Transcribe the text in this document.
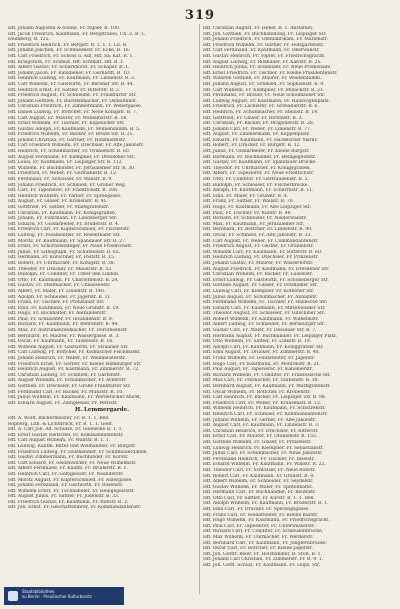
319
Hff. Johann Augustin & Söhne, Fr. Papier, B. 100.
Hff. Jacob Friedrich, Kaufmann, Fr. Bergstrasse, Ch. Z. B. 1.
Heimberg, B. 125.
Hff. Friedrich Heinrich, Fr. Bergstr. B. 1. 1. 1. Ld. B.
Hff. Johann Joachim, Fr. Schmiedestr. Fr. Ecke, B. 16.
Hff. Carl Friedrich, Fr. Schoss u. Adl. Hff. Sa. Kat. B. 1.
Hff. Kriegsrath, Fr. Schmid. Hff. Schmidt. Hff. B. 1.
Hff. Albert Gustav, Fr. Scharnhorst, Fr. Schaper. B. 1.
Hff. Johann Jacob, Fr. Ratsdiener, Fr. Gerhardt, B. 10.
Hff. Heinrich Ludwig, Fr. Kaufmann, Fr. Lindenstr. B. 3.
Hff. Carl Wilhelm, Fr. Gastwirth, Fr. Berliner Str. B. 44.
Hff. Heinrich Ernst, Fr. Sattler, Fr. Ritterstr. B. 2.
Hff. Friedrich August, Fr. Schneider, Fr. Frankfurter Str.
Hff. Johann Gottlieb, Fr. Bürstenmacher, Fr. Ostbahnhof.
Hff. Christian Friedrich, Fr. Zimmermann, Fr. Webergasse.
Hff. Daniel Ludwig, Fr. Böttcher, Fr. Neue Königstr. B. 7.
Hff. Carl August, Fr. Maurer, Fr. Waldemarstr. B. 18.
Hff. Ernst Wilhelm, Fr. Tischler, Fr. Köpenicker Str.
Hff. Gustav Adolph, Fr. Kaufmann, Fr. Mühlendamm. B. 5.
Hff. Friedrich Wilhelm, Fr. Bäcker, Fr. Breite Str. B. 21.
Hff. Johann Christian, Fr. Gärtner, Fr. Holzmarktstr.
Hff. Carl Friedrich Wilhelm, Fr. Drechsler, Fr. Alte Jakobstr.
Hff. Heinrich, Fr. Schuhmacher, Fr. Oranienstr. B. 60.
Hff. August Ferdinand, Fr. Klempner, Fr. Dresdener Str.
Hff. Louis, Fr. Kaufmann, Fr. Leipziger Str. B. 112.
Hff. Wilhelm, Fr. Buchbinder, Fr. Jerusalemer Str. B. 30.
Hff. Friedrich, Fr. Weber, Fr. Gormannstr. B. 12.
Hff. Ferdinand, Fr. Schlosser, Fr. Wallstr. B. 9.
Hff. Johann Friedrich, Fr. Schmied, Fr. Grüner Weg.
Hff. Carl, Fr. Tapezierer, Fr. Friedrichstr. B. 206.
Hff. Heinrich Wilhelm, Fr. Färber, Fr. Spreegasse.
Hff. August, Fr. Glaser, Fr. Kronenstr. B. 41.
Hff. Gottfried, Fr. Sattler, Fr. Markgrafenstr.
Hff. Christian, Fr. Kaufmann, Fr. Königsgraben.
Hff. Johann, Fr. Fuhrmann, Fr. Landsberger Str.
Hff. Eduard, Fr. Goldarbeiter, Fr. Brüderstr. B. 4.
Hff. Friedrich Carl, Fr. Kupferschmied, Fr. Fischerstr.
Hff. Ludwig, Fr. Posamentier, Fr. Rosenthaler Str.
Hff. Moritz, Fr. Kaufmann, Fr. Spandauer Str. B. 27.
Hff. Ernst, Fr. Schornsteinfeger, Fr. Neue Friedrichstr.
Hff. Julius, Fr. Lithograph, Fr. Schützenstr. B. 65.
Hff. Hermann, Fr. Kürschner, Fr. Poststr. B. 15.
Hff. Robert, Fr. Uhrmacher, Fr. Königstr. B. 38.
Hff. Theodor, Fr. Drucker, Fr. Mauerstr. B. 53.
Hff. Rudolph, Fr. Conditor, Fr. Unter den Linden.
Hff. Otto, Fr. Kaufmann, Fr. Charlottenstr. B. 24.
Hff. Gustav, Fr. Stellmacher, Fr. Chausseestr.
Hff. Albert, Fr. Maler, Fr. Linienstr. B. 140.
Hff. Adolph, Fr. Schneider, Fr. Jägerstr. B. 11.
Hff. Franz, Fr. Tischler, Fr. Prenzlauer Str.
Hff. Emil, Fr. Kaufmann, Fr. Neue Grünstr. B. 19.
Hff. Hugo, Fr. Buchhalter, Fr. Alexanderstr.
Hff. Paul, Fr. Schlächter, Fr. Invalidenstr. B. 8.
Hff. Richard, Fr. Kaufmann, Fr. Behrenstr. B. 44.
Hff. Max, Fr. Instrumentenmacher, Fr. Dorotheenstr.
Hff. Bernhard, Fr. Maurer, Fr. Wassergasse. B. 3.
Hff. Oscar, Fr. Kaufmann, Fr. Taubenstr. B. 16.
Hff. Wilhelm August, Fr. Gastwirth, Fr. Stralauer Str.
Hff. Carl Ludwig, Fr. Böttcher, Fr. Köllnischer Fischmarkt.
Hff. Johann Heinrich, Fr. Weber, Fr. Weinmeisterstr.
Hff. Friedrich Ernst, Fr. Gerber, Fr. Kleine Hamburger Str.
Hff. Heinrich August, Fr. Kaufmann, Fr. Zimmerstr. B. 72.
Hff. Christian Ludwig, Fr. Schmied, Fr. Gartenstr.
Hff. August Wilhelm, Fr. Schuhmacher, Fr. Ackerstr.
Hff. Gottlieb, Fr. Drechsler, Fr. Große Frankfurter Str.
Hff. Ferdinand Carl, Fr. Bäcker, Fr. Münzstr. B. 10.
Hff. Julius Wilhelm, Fr. Kaufmann, Fr. Werderscher Markt.
Hff. Eduard August, Fr. Zinngiesser, Fr. Petristr.
H. Lemmergarde.
Hff. A. Wolff, Bäckermeister, Fr. B. 1. 1. Bell.
Ropberg, Lith. & Lichtdruck, Fr. B. 1. 1. Gedr.
Hff. A. Carl Joh. Ad. Schulze, Fr. Glienecke B. 1. 1.
Hff. Ernst Gustav Rietschel, Fr. Kommandantenstr.
Hff. Carl August Wilhelm, Fr. Wallstr. B. 1. 1.
Hff. Ludwig, Kaufm. Ritter und Wollhändler, Fr. Burgstr.
Hff. Friedrich Ludwig, Fr. Holzhändler, Fr. Schiffbauerdamm.
Hff. Gustav Zimmermann, Fr. Buchbinder, Fr. Kurstr.
Hff. Carl Eduard, Fr. Seidenwirker, Fr. Neue Wilhelmstr.
Hff. Albert Ferdinand, Fr. Kaufm. Fr. Brüderstr. B. 1.
Hff. Heinrich Carl, Fr. Gelbgiesser, Fr. Neanderstr.
Hff. Moritz August, Fr. Kupferschmied, Fr. Adlergasse.
Hff. Johann Ferdinand, Fr. Gastwirth, Fr. Rosenstr.
Hff. Wilhelm Ernst, Fr. Tuchhändler, Fr. Heiligegeiststr.
Hff. August Julius, Fr. Sattler, Fr. Jüdenstr. B. 33.
Hff. Friedrich Gustav, Fr. Kaufmann, Fr. Roßstr. B. 2.
Hff. Joh. Ernst, Fr. Geschäftsführer, Fr. Kommandantenstr.
Hff. Christian August, Fr. Hebel, B. 1. Anstalten.
Hff. Joh. Gottlieb, Fr. Buchhandlung, Fr. Leipziger Str.
Hff. Johann Friedrich, Fr. Ofenfabrikant, Fr. Marienstr.
Hff. Friedrich Wilhelm, Fr. Gürtler, Fr. Holzgartenstr.
Hff. Carl Ferdinand, Fr. Kaufmann, Fr. Oberwallstr.
Hff. Gustav Heinrich, Fr. Töpfer, Fr. Friedrichsgracht.
Hff. August Ludwig, Fr. Bildhauer, Fr. Karlstr. B. 25.
Hff. Heinrich Julius, Fr. Schneider, Fr. Neue Promenade.
Hff. Ernst Friedrich, Fr. Tischler, Fr. Kleine Präsidentenstr.
Hff. Wilhelm Gottlieb, Fr. Maurer, Fr. Weidendamm.
Hff. Johann August, Fr. Schmied, Fr. Sophienstr. B. 9.
Hff. Carl Wilhelm, Fr. Klempner, Fr. Mulackstr. B. 21.
Hff. Ferdinand, Fr. Brauer, Fr. Neue Schönhauser Str.
Hff. Ludwig August, Fr. Kaufmann, Fr. Hausvogteiplatz.
Hff. Friedrich, Fr. Lackierer, Fr. Grenadierstr. B. 6.
Hff. Heinrich, Fr. Schuhmacher, Fr. Steinstr. B. 14.
Hff. Gottfried, Fr. Glaser, Fr. Hirtenstr. B. 3.
Hff. Christian, Fr. Bäcker, Fr. Dragonerstr. B. 28.
Hff. Johann Carl, Fr. Weber, Fr. Linienstr. B. 77.
Hff. August, Fr. Zimmermann, Fr. Koppenplatz.
Hff. Eduard, Fr. Kaufmann, Fr. Hackescher Markt.
Hff. Robert, Fr. Drucker, Fr. Burgstr. B. 12.
Hff. Julius, Fr. Goldarbeiter, Fr. Kleine Burgstr.
Hff. Hermann, Fr. Buchbinder, Fr. Heiligegeiststr.
Hff. Gustav, Fr. Kaufmann, Fr. Spandauer Brücke.
Hff. Theodor, Fr. Uhrmacher, Fr. Königsgraben.
Hff. Albert, Fr. Tapezierer, Fr. Neue Friedrichstr.
Hff. Otto, Fr. Conditor, Fr. Gertraudenstr. B. 5.
Hff. Rudolph, Fr. Schlosser, Fr. Fischerbrücke.
Hff. Adolph, Fr. Kaufmann, Fr. Scharrnstr. B. 11.
Hff. Emil, Fr. Maler, Fr. Grünstr. B. 4.
Hff. Franz, Fr. Sattler, Fr. Wallstr. B. 70.
Hff. Hugo, Fr. Kaufmann, Fr. Alte Leipziger Str.
Hff. Paul, Fr. Tischler, Fr. Kurstr. B. 48.
Hff. Richard, Fr. Schneider, Fr. Niederwallstr.
Hff. Max, Fr. Kaufmann, Fr. Jerusalemer Str.
Hff. Bernhard, Fr. Böttcher, Fr. Lindenstr. B. 90.
Hff. Oscar, Fr. Schmied, Fr. Alte Jakobstr. B. 33.
Hff. Carl August, Fr. Weber, Fr. Commandantenstr.
Hff. Friedrich August, Fr. Gerber, Fr. Oranienstr.
Hff. Wilhelm Carl, Fr. Kaufmann, Fr. Ritterstr. B. 60.
Hff. Heinrich Ludwig, Fr. Drechsler, Fr. Prinzenstr.
Hff. Johann Gustav, Fr. Maurer, Fr. Wassertorstr.
Hff. August Friedrich, Fr. Kaufmann, Fr. Dresdener Str.
Hff. Christian Wilhelm, Fr. Bäcker, Fr. Luisenstr.
Hff. Ernst Ludwig, Fr. Gastwirth, Fr. Schöneberger Str.
Hff. Gottlieb August, Fr. Glaser, Fr. Potsdamer Str.
Hff. Ludwig Carl, Fr. Klempner, Fr. Köthener Str.
Hff. Julius August, Fr. Schuhmacher, Fr. Anhaltstr.
Hff. Ferdinand Wilhelm, Fr. Tischler, Fr. Hallesche Str.
Hff. Eduard Carl, Fr. Kaufmann, Fr. Mittenwalder Str.
Hff. Theodor August, Fr. Schlosser, Fr. Gitschiner Str.
Hff. Robert Wilhelm, Fr. Kaufmann, Fr. Wilhelmstr.
Hff. Albert Ludwig, Fr. Schneider, Fr. Bernburger Str.
Hff. Gustav Carl, Fr. Maler, Fr. Dessauer Str. B. 7.
Hff. Hermann August, Fr. Buchhändler, Fr. Leipziger Platz.
Hff. Otto Wilhelm, Fr. Sattler, Fr. Linkstr. B. 19.
Hff. Adolph Carl, Fr. Kaufmann, Fr. Königgrätzer Str.
Hff. Emil August, Fr. Drucker, Fr. Zimmerstr. B. 40.
Hff. Franz Wilhelm, Fr. Goldarbeiter, Fr. Jägerstr.
Hff. Hugo Carl, Fr. Kaufmann, Fr. Mohrenstr. B. 21.
Hff. Paul August, Fr. Tapezierer, Fr. Kanonierstr.
Hff. Richard Wilhelm, Fr. Conditor, Fr. Französische Str.
Hff. Max Carl, Fr. Uhrmacher, Fr. Taubenstr. B. 30.
Hff. Bernhard August, Fr. Kaufmann, Fr. Markgrafenstr.
Hff. Oscar Wilhelm, Fr. Böttcher, Fr. Kronenstr.
Hff. Carl Heinrich, Fr. Bäcker, Fr. Leipziger Str. B. 98.
Hff. Friedrich Carl, Fr. Weber, Fr. Krausenstr. B. 12.
Hff. Wilhelm Heinrich, Fr. Kaufmann, Fr. Schützenstr.
Hff. Heinrich Carl, Fr. Schmied, Fr. Kommandantenstr.
Hff. Johann Wilhelm, Fr. Gerber, Fr. Alte Jakobstr.
Hff. August Carl, Fr. Kaufmann, Fr. Lindenstr. B. 3.
Hff. Christian Heinrich, Fr. Drechsler, Fr. Ritterstr.
Hff. Ernst Carl, Fr. Maurer, Fr. Oranienstr. B. 155.
Hff. Gottlieb Wilhelm, Fr. Glaser, Fr. Prinzenstr.
Hff. Ludwig Heinrich, Fr. Klempner, Fr. Sebastianstr.
Hff. Julius Carl, Fr. Schuhmacher, Fr. Neue Jakobstr.
Hff. Ferdinand Heinrich, Fr. Tischler, Fr. Inselstr.
Hff. Eduard Wilhelm, Fr. Kaufmann, Fr. Wallstr. B. 25.
Hff. Theodor Carl, Fr. Schlosser, Fr. Neue Roßstr.
Hff. Robert Carl, Fr. Kaufmann, Fr. Grünstr. B. 8.
Hff. Albert Wilhelm, Fr. Schneider, Fr. Seydelstr.
Hff. Gustav Wilhelm, Fr. Maler, Fr. Spittelmarkt.
Hff. Hermann Carl, Fr. Buchhändler, Fr. Beuthstr.
Hff. Otto Carl, Fr. Sattler, Fr. Kurstr. B. 1. 1. Bell.
Hff. Adolph Wilhelm, Fr. Kaufmann, Fr. Brüderstr. B. 1.
Hff. Emil Carl, Fr. Drucker, Fr. Sperlingsgasse.
Hff. Franz Carl, Fr. Goldarbeiter, Fr. Kleine Kurstr.
Hff. Hugo Wilhelm, Fr. Kaufmann, Fr. Friedrichsgracht.
Hff. Paul Carl, Fr. Tapezierer, Fr. Unterwasserstr.
Hff. Richard Carl, Fr. Conditor, Fr. Schleusenbrücke.
Hff. Max Wilhelm, Fr. Uhrmacher, Fr. Werderstr.
Hff. Bernhard Carl, Fr. Kaufmann, Fr. Jungfernbrücke.
Hff. Oscar Carl, Fr. Böttcher, Fr. Kleine Jägerstr.
Hff. Joh. Gottfr. Beier, Fr. Holzhändler, B. Stoß, B. 1.
Hff. Johann Carl Christian, Fr. Zimmerstr. Fr. B. 9. 1.
Hff. Joh. Gottf. Schulz, Fr. Kaufmann, Fr. Leipz. Str.
Staatsbibliothek
zu Berlin · Preußischer Kulturbesitz
